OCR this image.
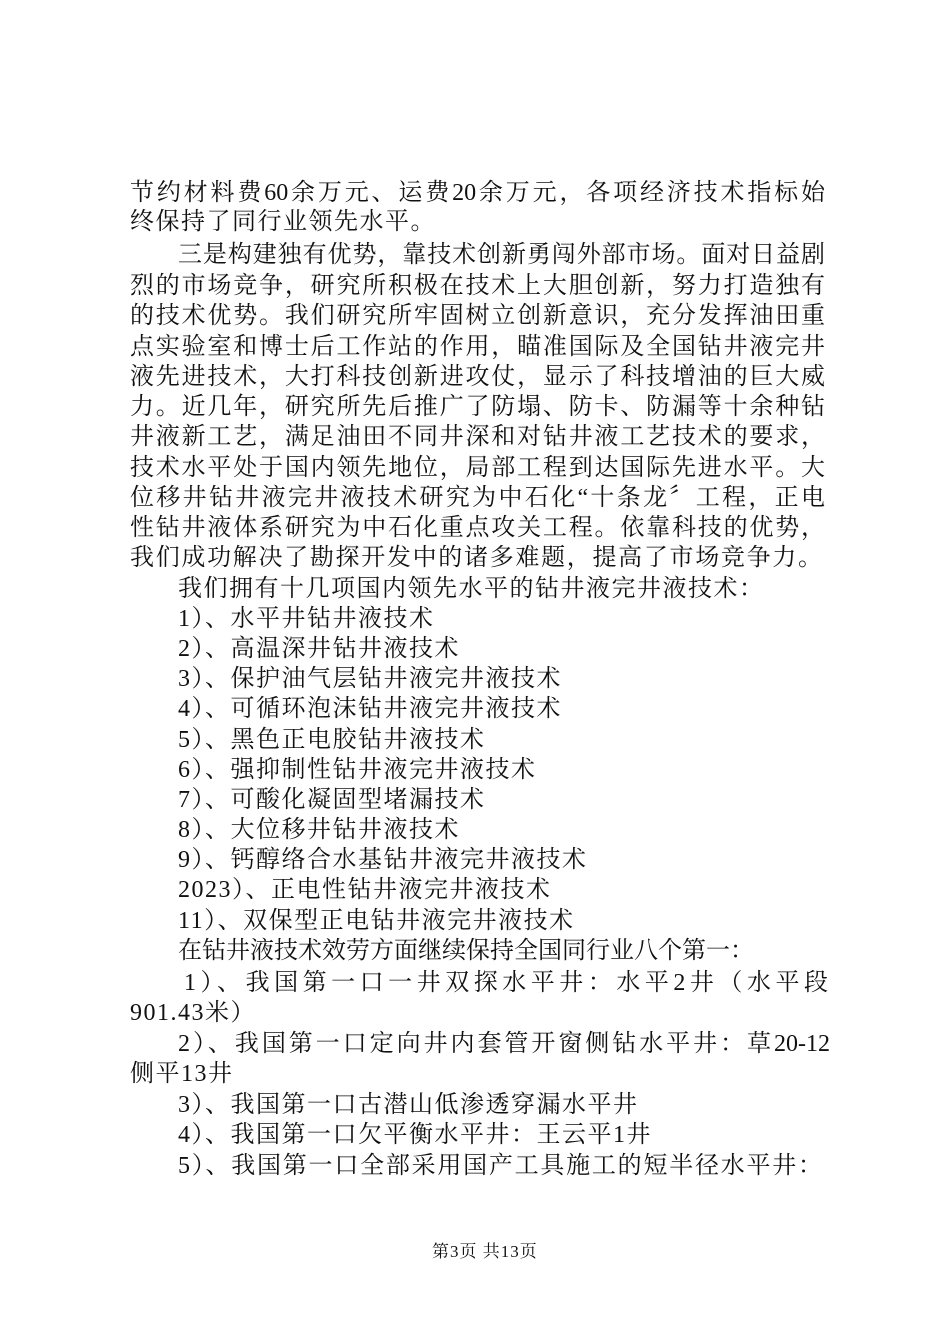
节约材料费60余万元、运费20余万元，各项经济技术指标始
终保持了同行业领先水平。
三是构建独有优势，靠技术创新勇闯外部市场。面对日益剧
烈的市场竞争，研究所积极在技术上大胆创新，努力打造独有
的技术优势。我们研究所牢固树立创新意识，充分发挥油田重
点实验室和博士后工作站的作用，瞄准国际及全国钻井液完井
液先进技术，大打科技创新进攻仗，显示了科技增油的巨大威
力。近几年，研究所先后推广了防塌、防卡、防漏等十余种钻
井液新工艺，满足油田不同井深和对钻井液工艺技术的要求，
技术水平处于国内领先地位，局部工程到达国际先进水平。大
位移井钻井液完井液技术研究为中石化“十条龙〞工程，正电
性钻井液体系研究为中石化重点攻关工程。依靠科技的优势，
我们成功解决了勘探开发中的诸多难题，提高了市场竞争力。
我们拥有十几项国内领先水平的钻井液完井液技术：
1）、水平井钻井液技术
2）、高温深井钻井液技术
3）、保护油气层钻井液完井液技术
4）、可循环泡沫钻井液完井液技术
5）、黑色正电胶钻井液技术
6）、强抑制性钻井液完井液技术
7）、可酸化凝固型堵漏技术
8）、大位移井钻井液技术
9）、钙醇络合水基钻井液完井液技术
2023）、正电性钻井液完井液技术
11）、双保型正电钻井液完井液技术
在钻井液技术效劳方面继续保持全国同行业八个第一：
1）、我国第一口一井双探水平井：水平2井（水平段
901.43米）
2）、我国第一口定向井内套管开窗侧钻水平井：草20-12
侧平13井
3）、我国第一口古潜山低渗透穿漏水平井
4）、我国第一口欠平衡水平井：王云平1井
5）、我国第一口全部采用国产工具施工的短半径水平井：
第3页 共13页
